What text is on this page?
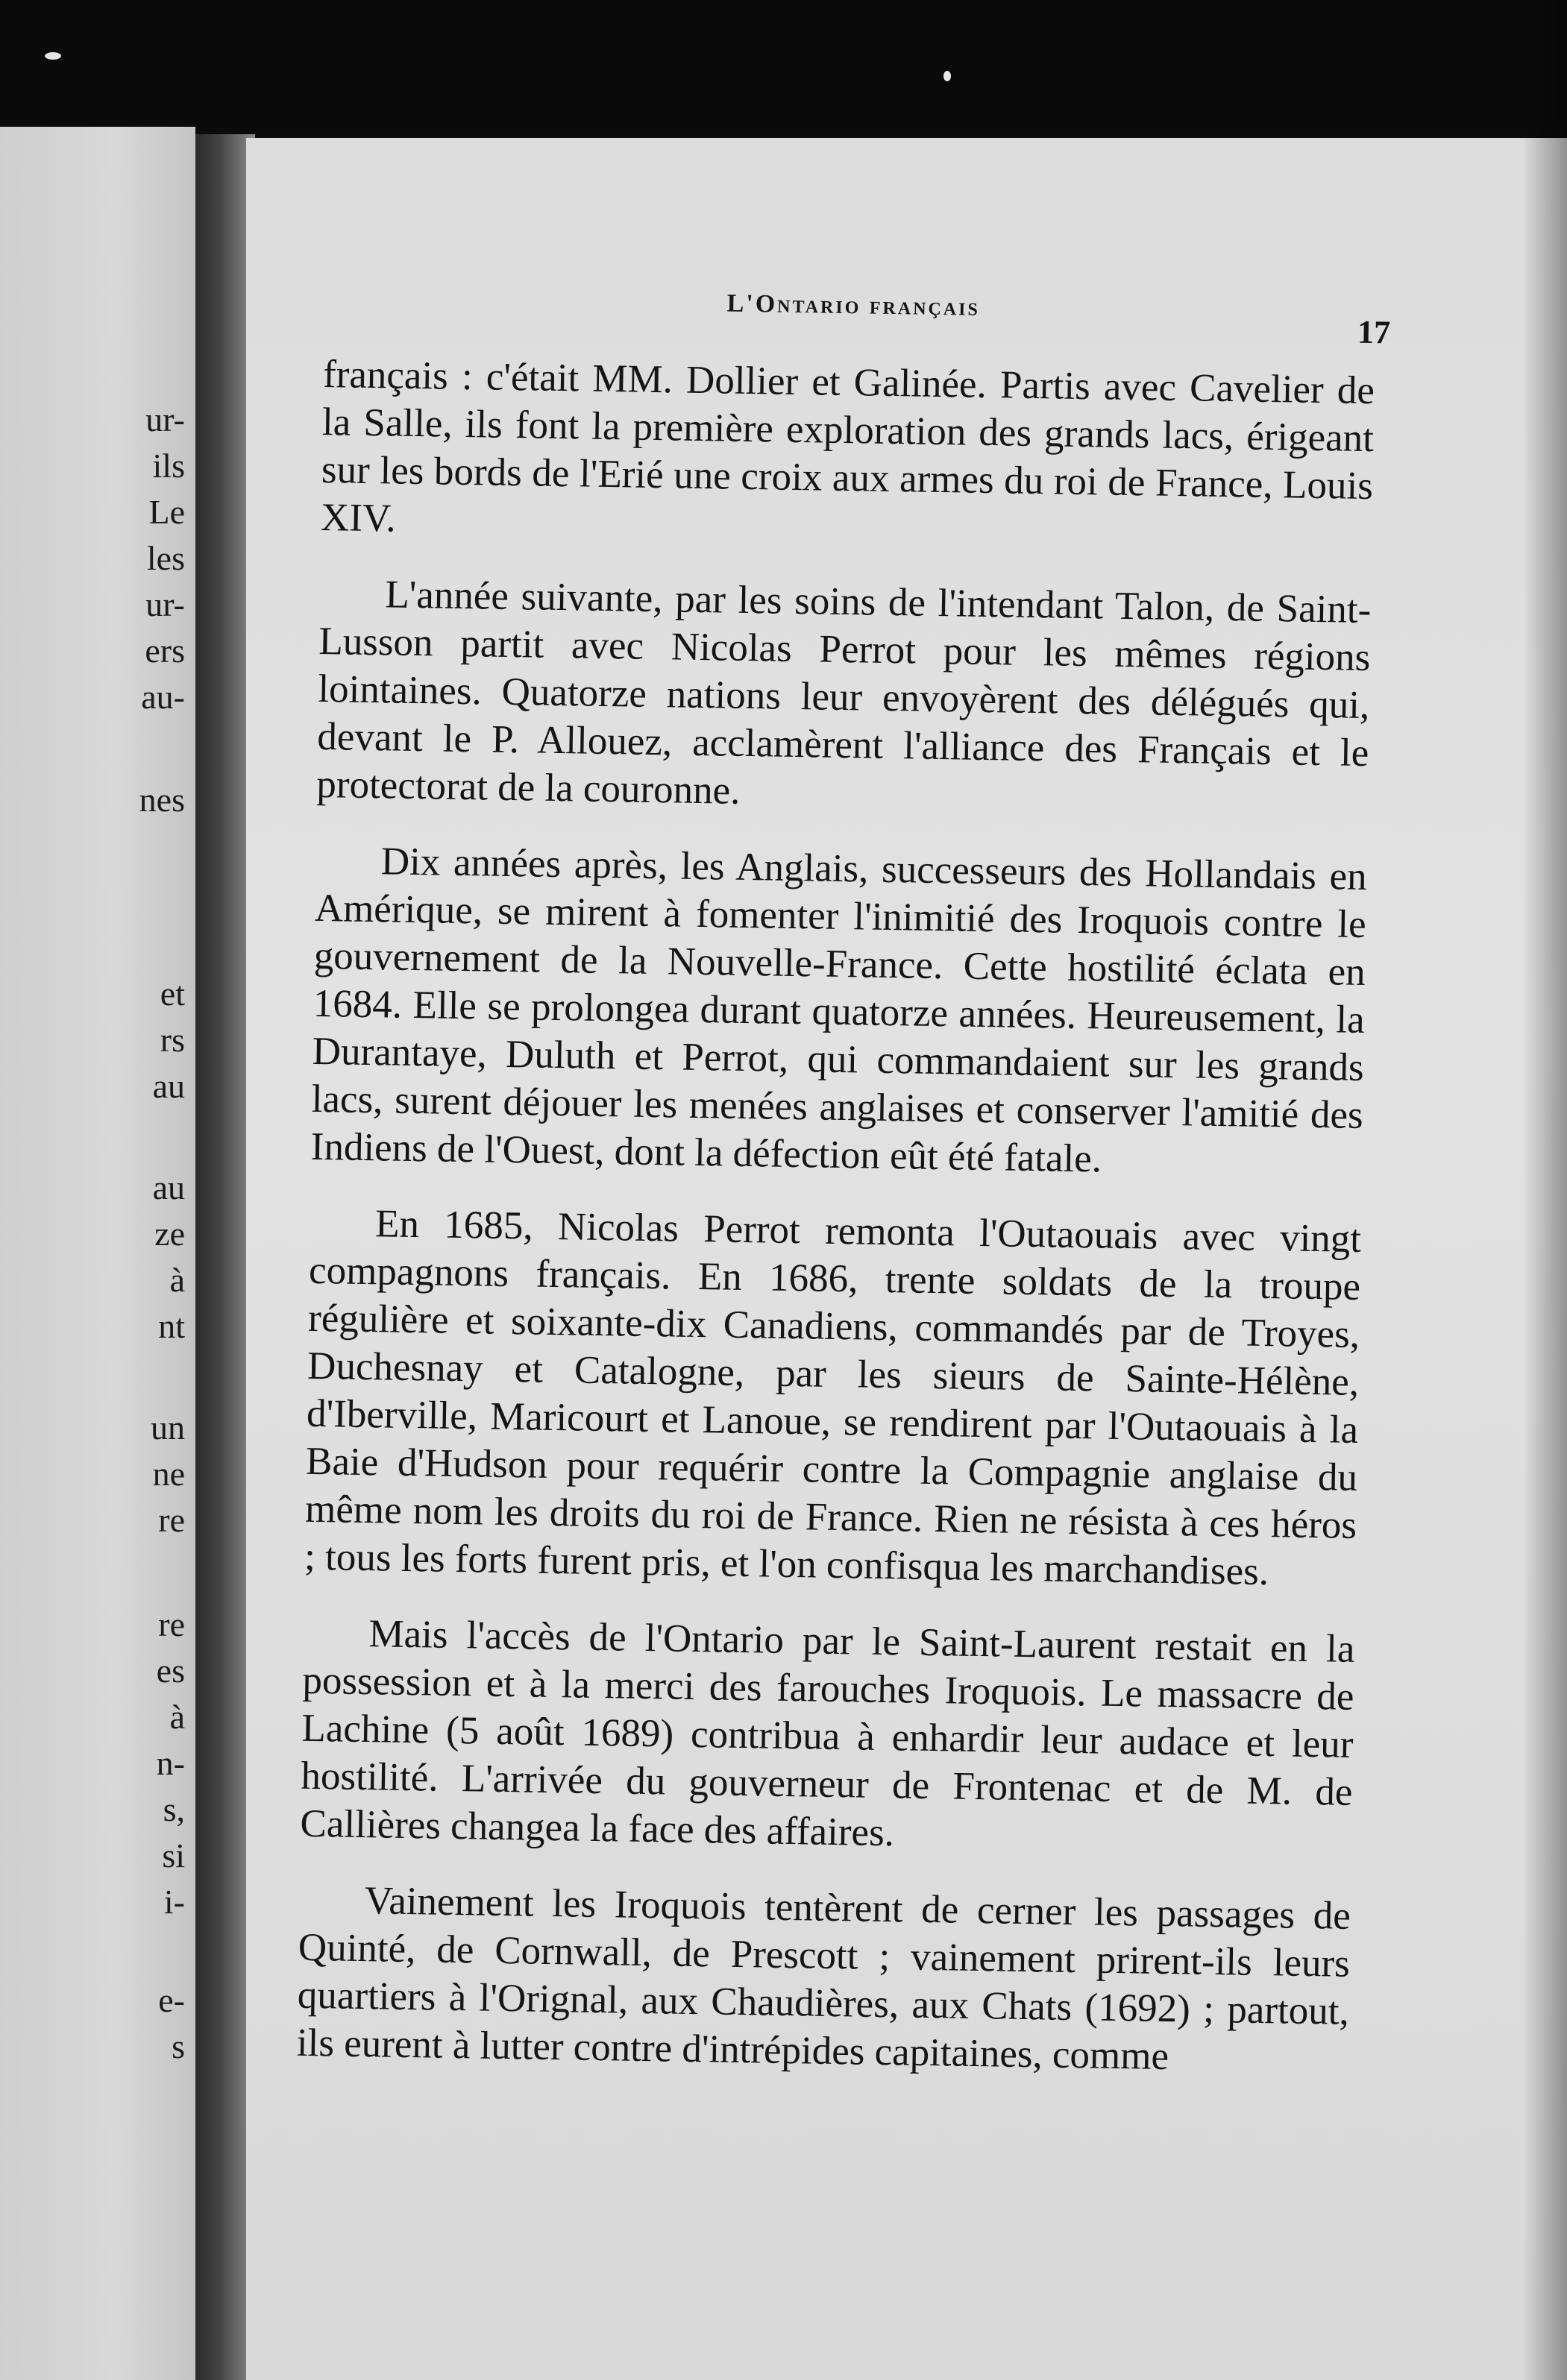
ur-
ils
Le
les
ur-
ers
au-
nes
et
rs
au
au
ze
à
nt
un
ne
re
re
es
à
n-
s,
si
i-
e-
s
L'Ontario français
17

français : c'était MM. Dollier et Galinée. Partis avec Cavelier de la Salle, ils font la première exploration des grands lacs, érigeant sur les bords de l'Erié une croix aux armes du roi de France, Louis XIV.

L'année suivante, par les soins de l'intendant Talon, de Saint-Lusson partit avec Nicolas Perrot pour les mêmes régions lointaines. Quatorze nations leur envoyèrent des délégués qui, devant le P. Allouez, acclamèrent l'alliance des Français et le protectorat de la couronne.

Dix années après, les Anglais, successeurs des Hollandais en Amérique, se mirent à fomenter l'inimitié des Iroquois contre le gouvernement de la Nouvelle-France. Cette hostilité éclata en 1684. Elle se prolongea durant quatorze années. Heureusement, la Durantaye, Duluth et Perrot, qui commandaient sur les grands lacs, surent déjouer les menées anglaises et conserver l'amitié des Indiens de l'Ouest, dont la défection eût été fatale.

En 1685, Nicolas Perrot remonta l'Outaouais avec vingt compagnons français. En 1686, trente soldats de la troupe régulière et soixante-dix Canadiens, commandés par de Troyes, Duchesnay et Catalogne, par les sieurs de Sainte-Hélène, d'Iberville, Maricourt et Lanoue, se rendirent par l'Outaouais à la Baie d'Hudson pour requérir contre la Compagnie anglaise du même nom les droits du roi de France. Rien ne résista à ces héros ; tous les forts furent pris, et l'on confisqua les marchandises.

Mais l'accès de l'Ontario par le Saint-Laurent restait en la possession et à la merci des farouches Iroquois. Le massacre de Lachine (5 août 1689) contribua à enhardir leur audace et leur hostilité. L'arrivée du gouverneur de Frontenac et de M. de Callières changea la face des affaires.

Vainement les Iroquois tentèrent de cerner les passages de Quinté, de Cornwall, de Prescott ; vainement prirent-ils leurs quartiers à l'Orignal, aux Chaudières, aux Chats (1692) ; partout, ils eurent à lutter contre d'intrépides capitaines, comme
